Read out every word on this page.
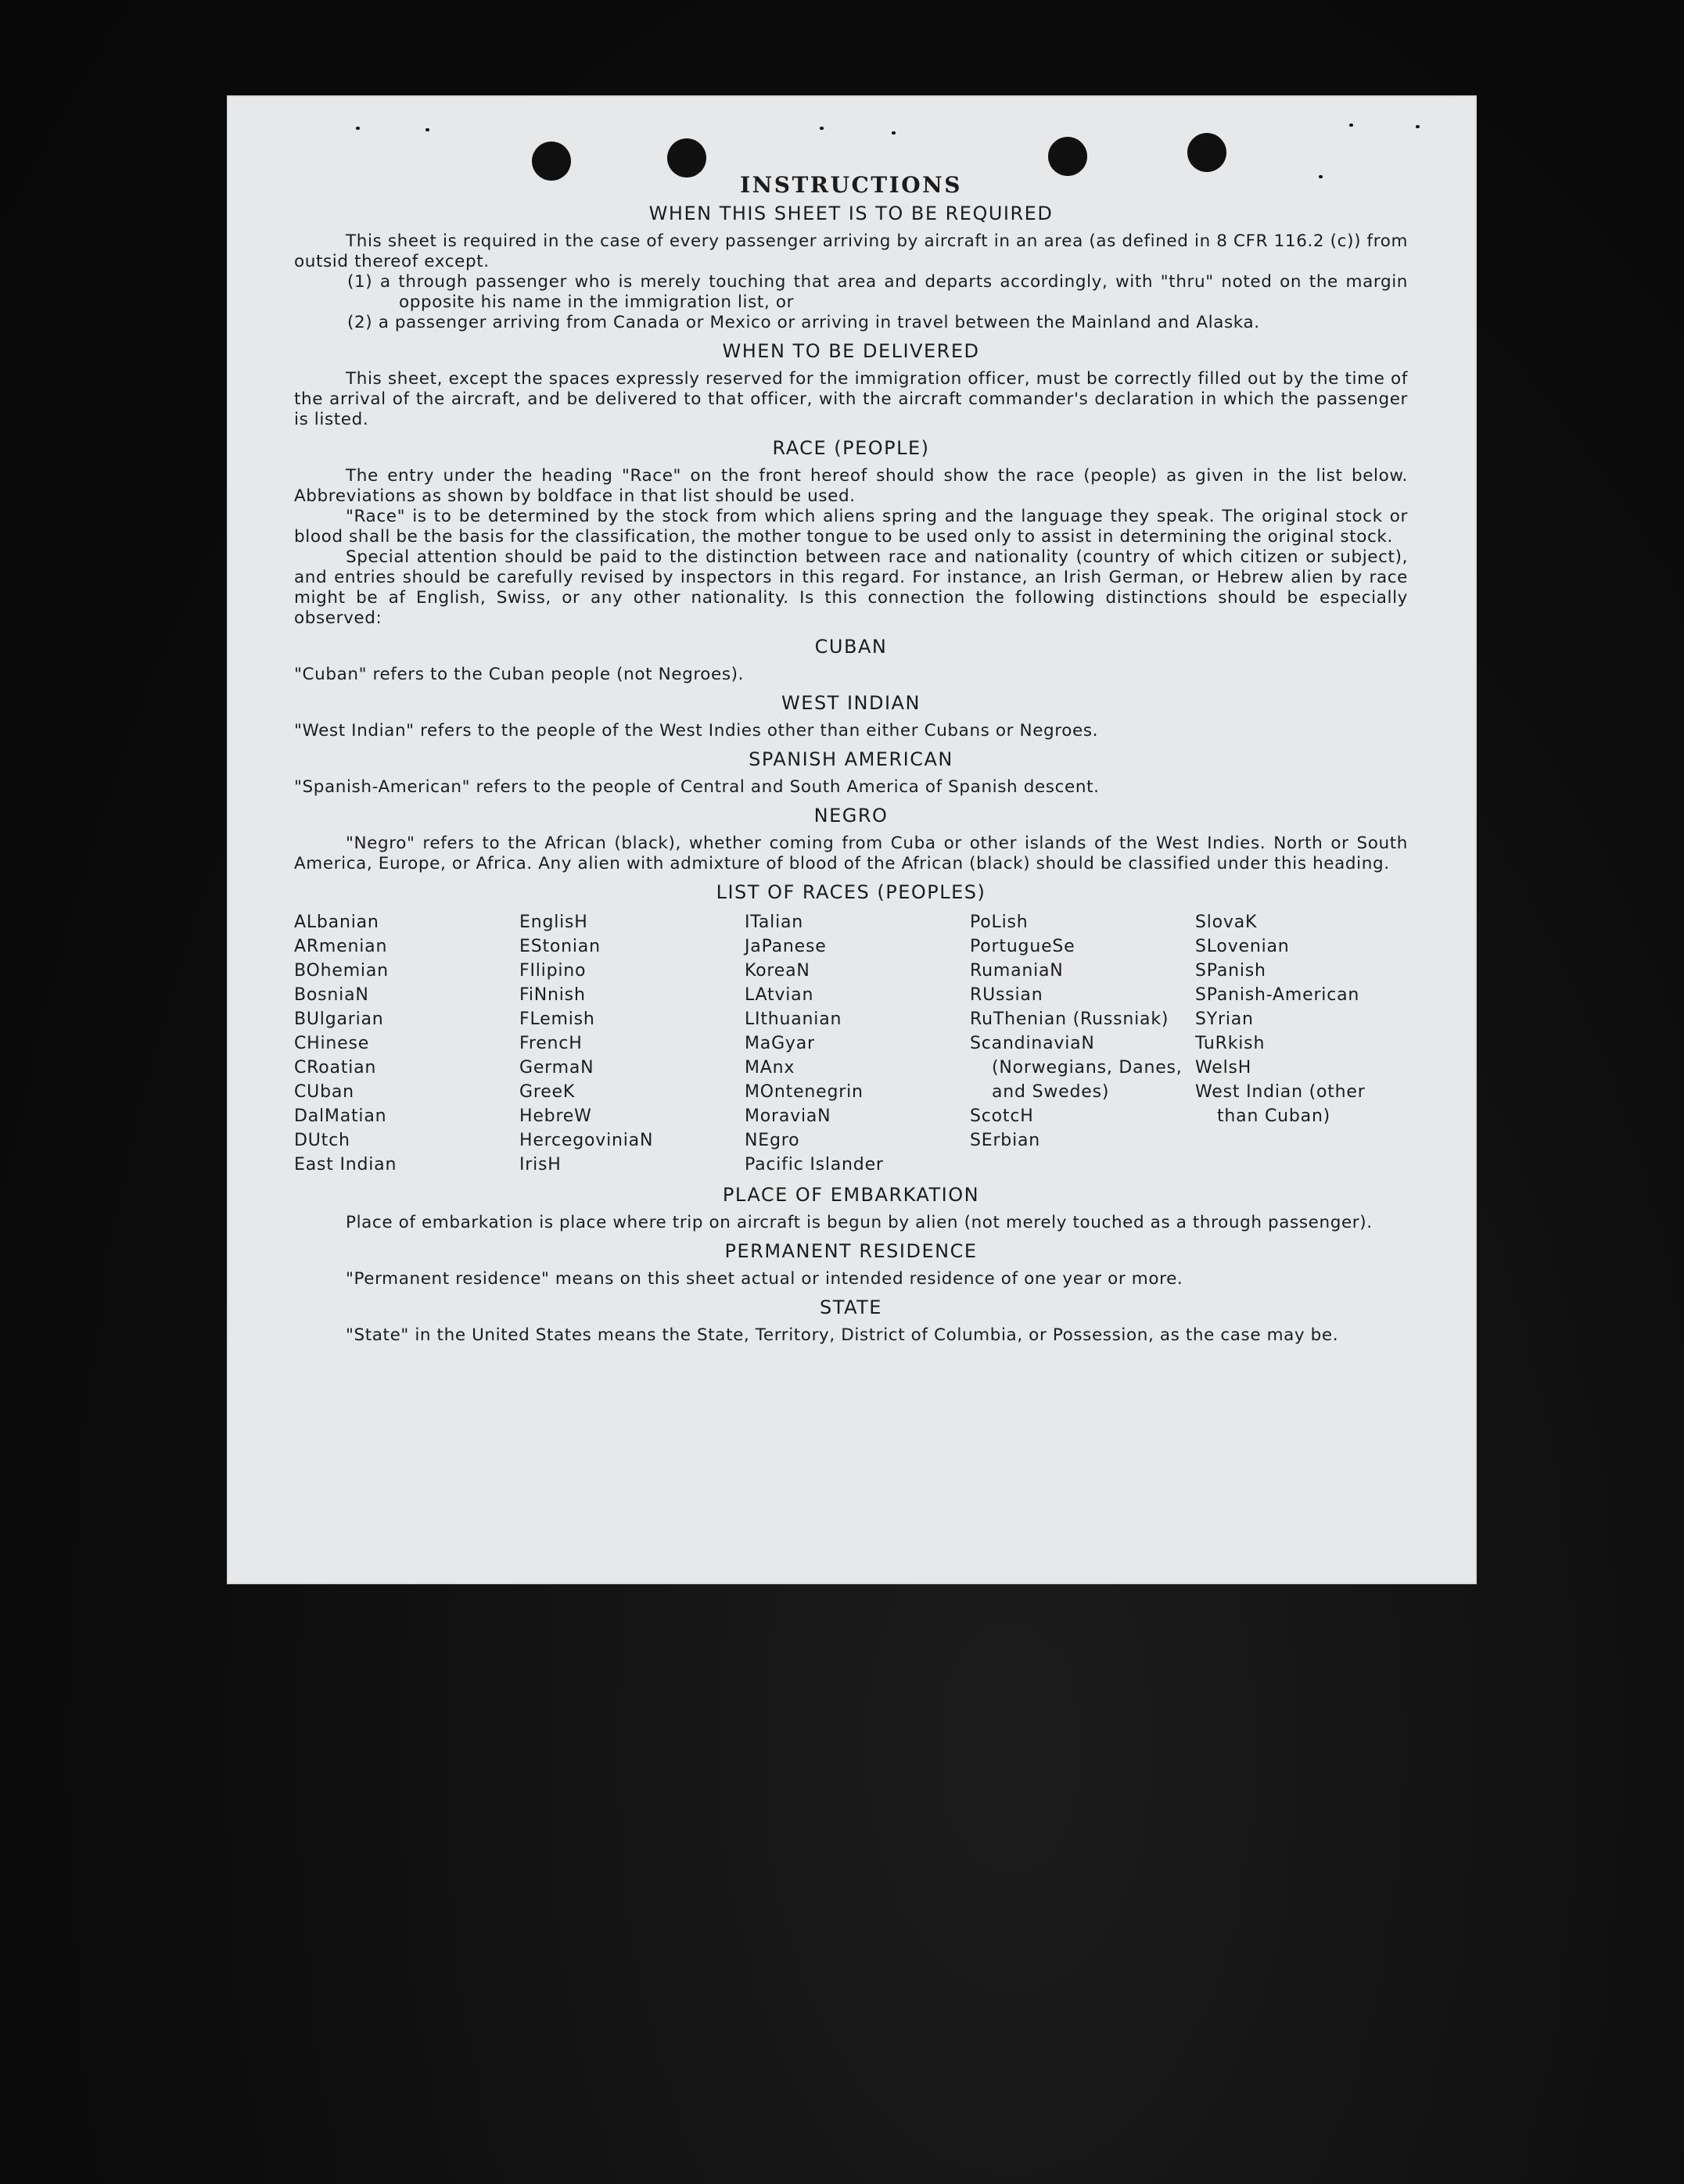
INSTRUCTIONS
WHEN THIS SHEET IS TO BE REQUIRED

This sheet is required in the case of every passenger arriving by aircraft in an area (as defined in 8 CFR 116.2 (c)) from outsid thereof except.

(1) a through passenger who is merely touching that area and departs accordingly, with "thru" noted on the margin opposite his name in the immigration list, or

(2) a passenger arriving from Canada or Mexico or arriving in travel between the Mainland and Alaska.

WHEN TO BE DELIVERED

This sheet, except the spaces expressly reserved for the immigration officer, must be correctly filled out by the time of the arrival of the aircraft, and be delivered to that officer, with the aircraft commander's declaration in which the passenger is listed.

RACE (PEOPLE)

The entry under the heading "Race" on the front hereof should show the race (people) as given in the list below. Abbreviations as shown by boldface in that list should be used.

"Race" is to be determined by the stock from which aliens spring and the language they speak. The original stock or blood shall be the basis for the classification, the mother tongue to be used only to assist in determining the original stock.

Special attention should be paid to the distinction between race and nationality (country of which citizen or subject), and entries should be carefully revised by inspectors in this regard. For instance, an Irish German, or Hebrew alien by race might be af English, Swiss, or any other nationality. Is this connection the following distinctions should be especially observed:

CUBAN

"Cuban" refers to the Cuban people (not Negroes).

WEST INDIAN

"West Indian" refers to the people of the West Indies other than either Cubans or Negroes.

SPANISH AMERICAN

"Spanish-American" refers to the people of Central and South America of Spanish descent.

NEGRO

"Negro" refers to the African (black), whether coming from Cuba or other islands of the West Indies. North or South America, Europe, or Africa. Any alien with admixture of blood of the African (black) should be classified under this heading.

LIST OF RACES (PEOPLES)
ALbanian
ARmenian
BOhemian
BosniaN
BUlgarian
CHinese
CRoatian
CUban
DalMatian
DUtch
East Indian
EnglisH
EStonian
FIlipino
FiNnish
FLemish
FrencH
GermaN
GreeK
HebreW
HercegoviniaN
IrisH
ITalian
JaPanese
KoreaN
LAtvian
LIthuanian
MaGyar
MAnx
MOntenegrin
MoraviaN
NEgro
Pacific Islander
PoLish
PortugueSe
RumaniaN
RUssian
RuThenian (Russniak)
ScandinaviaN (Norwegians, Danes, and Swedes)
ScotcH
SErbian
SlovaK
SLovenian
SPanish
SPanish-American
SYrian
TuRkish
WelsH
West Indian (other than Cuban)
PLACE OF EMBARKATION

Place of embarkation is place where trip on aircraft is begun by alien (not merely touched as a through passenger).

PERMANENT RESIDENCE

"Permanent residence" means on this sheet actual or intended residence of one year or more.

STATE

"State" in the United States means the State, Territory, District of Columbia, or Possession, as the case may be.
